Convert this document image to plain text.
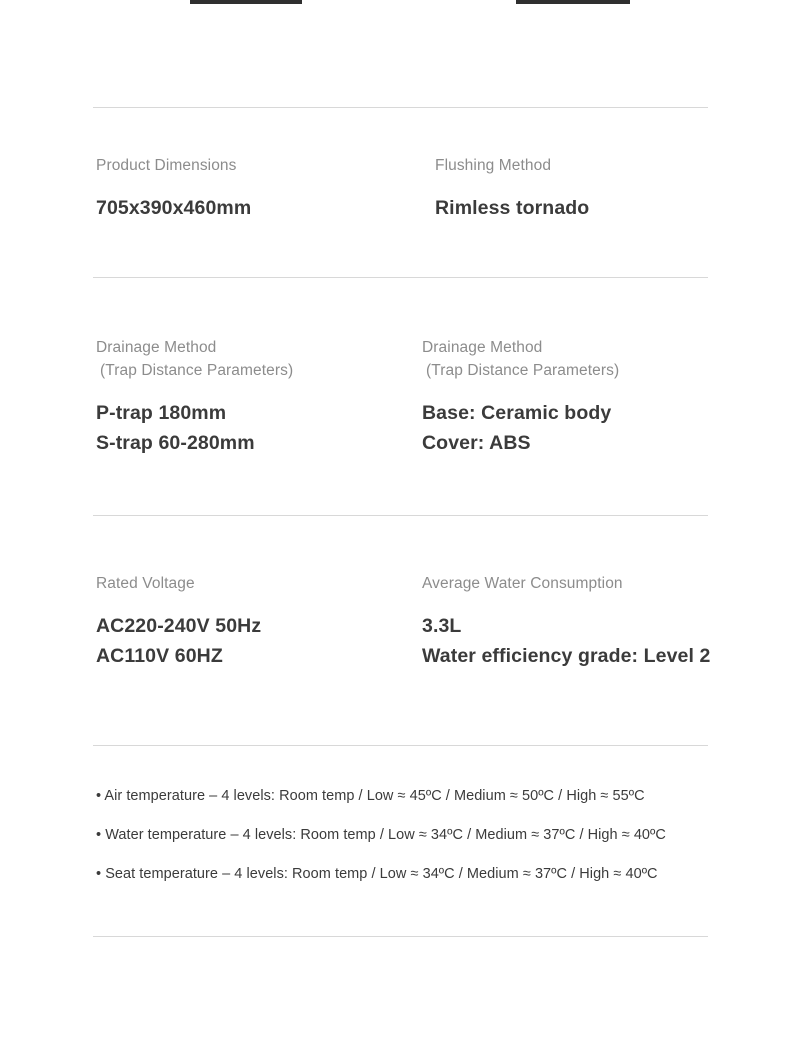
Product Dimensions
705x390x460mm
Flushing Method
Rimless tornado
Drainage Method
(Trap Distance Parameters)
P-trap 180mm
S-trap 60-280mm
Drainage Method
(Trap Distance Parameters)
Base: Ceramic body
Cover: ABS
Rated Voltage
AC220-240V 50Hz
AC110V 60HZ
Average Water Consumption
3.3L
Water efficiency grade: Level 2
• Air temperature – 4 levels: Room temp / Low ≈ 45ºC / Medium ≈ 50ºC / High ≈ 55ºC
• Water temperature – 4 levels: Room temp / Low ≈ 34ºC / Medium ≈ 37ºC / High ≈ 40ºC
• Seat temperature – 4 levels: Room temp / Low ≈ 34ºC / Medium ≈ 37ºC / High ≈ 40ºC
